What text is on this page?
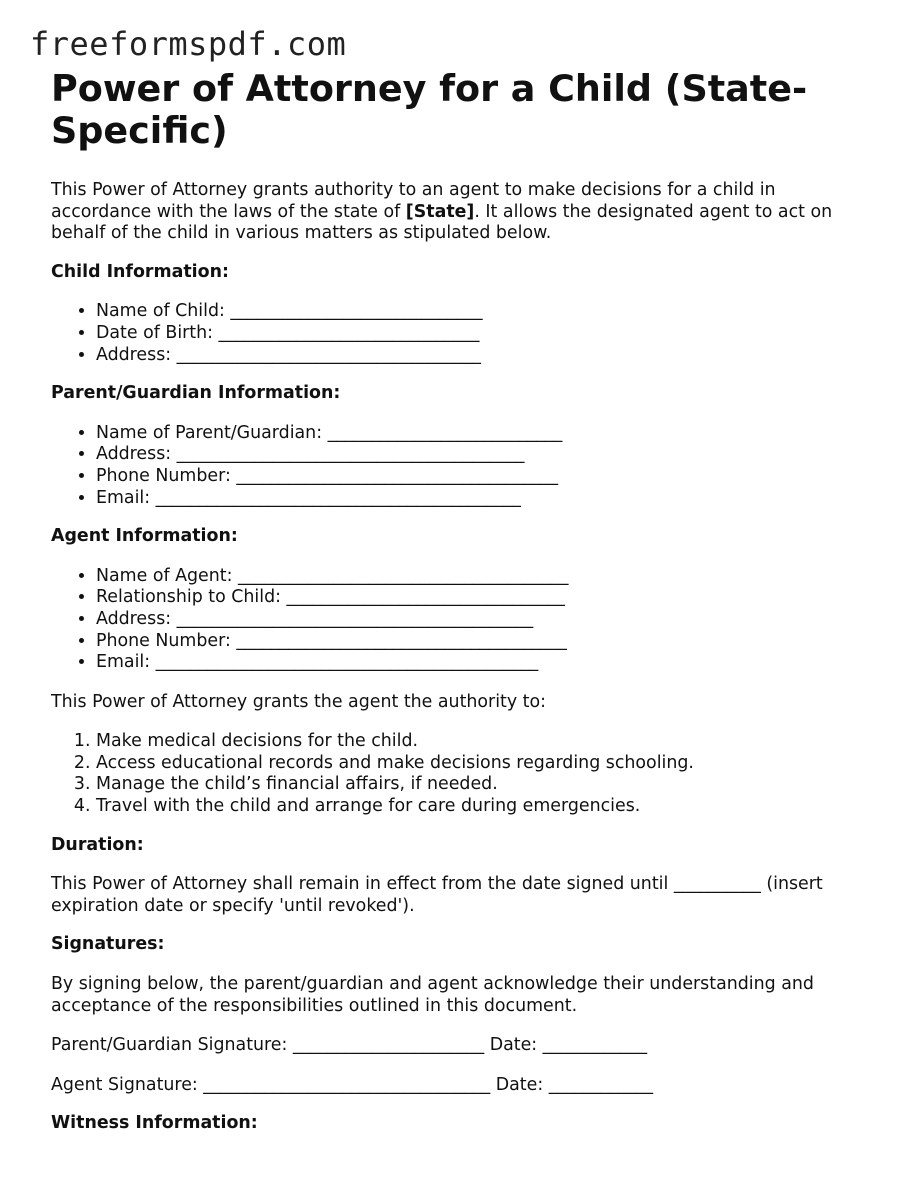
freeformspdf.com
Power of Attorney for a Child (State-Specific)

This Power of Attorney grants authority to an agent to make decisions for a child in accordance with the laws of the state of [State]. It allows the designated agent to act on behalf of the child in various matters as stipulated below.

Child Information:

• Name of Child: _____________________________
• Date of Birth: ______________________________
• Address: ___________________________________

Parent/Guardian Information:

• Name of Parent/Guardian: ___________________________
• Address: ________________________________________
• Phone Number: _____________________________________
• Email: __________________________________________

Agent Information:

• Name of Agent: ______________________________________
• Relationship to Child: ________________________________
• Address: _________________________________________
• Phone Number: ______________________________________
• Email: ____________________________________________

This Power of Attorney grants the agent the authority to:

1. Make medical decisions for the child.
2. Access educational records and make decisions regarding schooling.
3. Manage the child’s financial affairs, if needed.
4. Travel with the child and arrange for care during emergencies.

Duration:

This Power of Attorney shall remain in effect from the date signed until __________ (insert expiration date or specify 'until revoked').

Signatures:

By signing below, the parent/guardian and agent acknowledge their understanding and acceptance of the responsibilities outlined in this document.

Parent/Guardian Signature: ______________________ Date: ____________

Agent Signature: _________________________________ Date: ____________

Witness Information:
